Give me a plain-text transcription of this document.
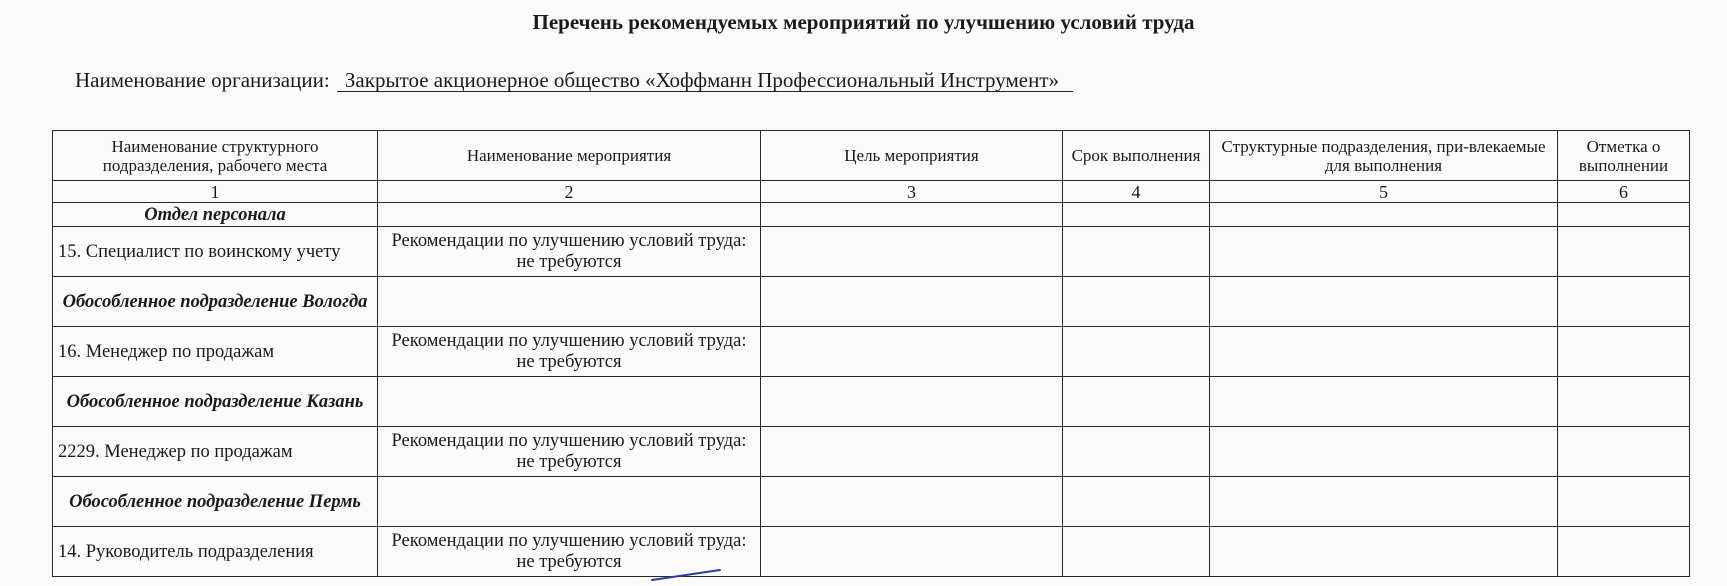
Перечень рекомендуемых мероприятий по улучшению условий труда
Наименование организации: Закрытое акционерное общество «Хоффманн Профессиональный Инструмент»
Наименование структурного подразделения, рабочего места	Наименование мероприятия	Цель мероприятия	Срок выполнения	Структурные подразделения, при-влекаемые для выполнения	Отметка о выполнении
1	2	3	4	5	6
Отдел персонала					
15. Специалист по воинскому учету	Рекомендации по улучшению условий труда: не требуются				
Обособленное подразделение Вологда					
16. Менеджер по продажам	Рекомендации по улучшению условий труда: не требуются				
Обособленное подразделение Казань					
2229. Менеджер по продажам	Рекомендации по улучшению условий труда: не требуются				
Обособленное подразделение Пермь					
14. Руководитель подразделения	Рекомендации по улучшению условий труда: не требуются				
